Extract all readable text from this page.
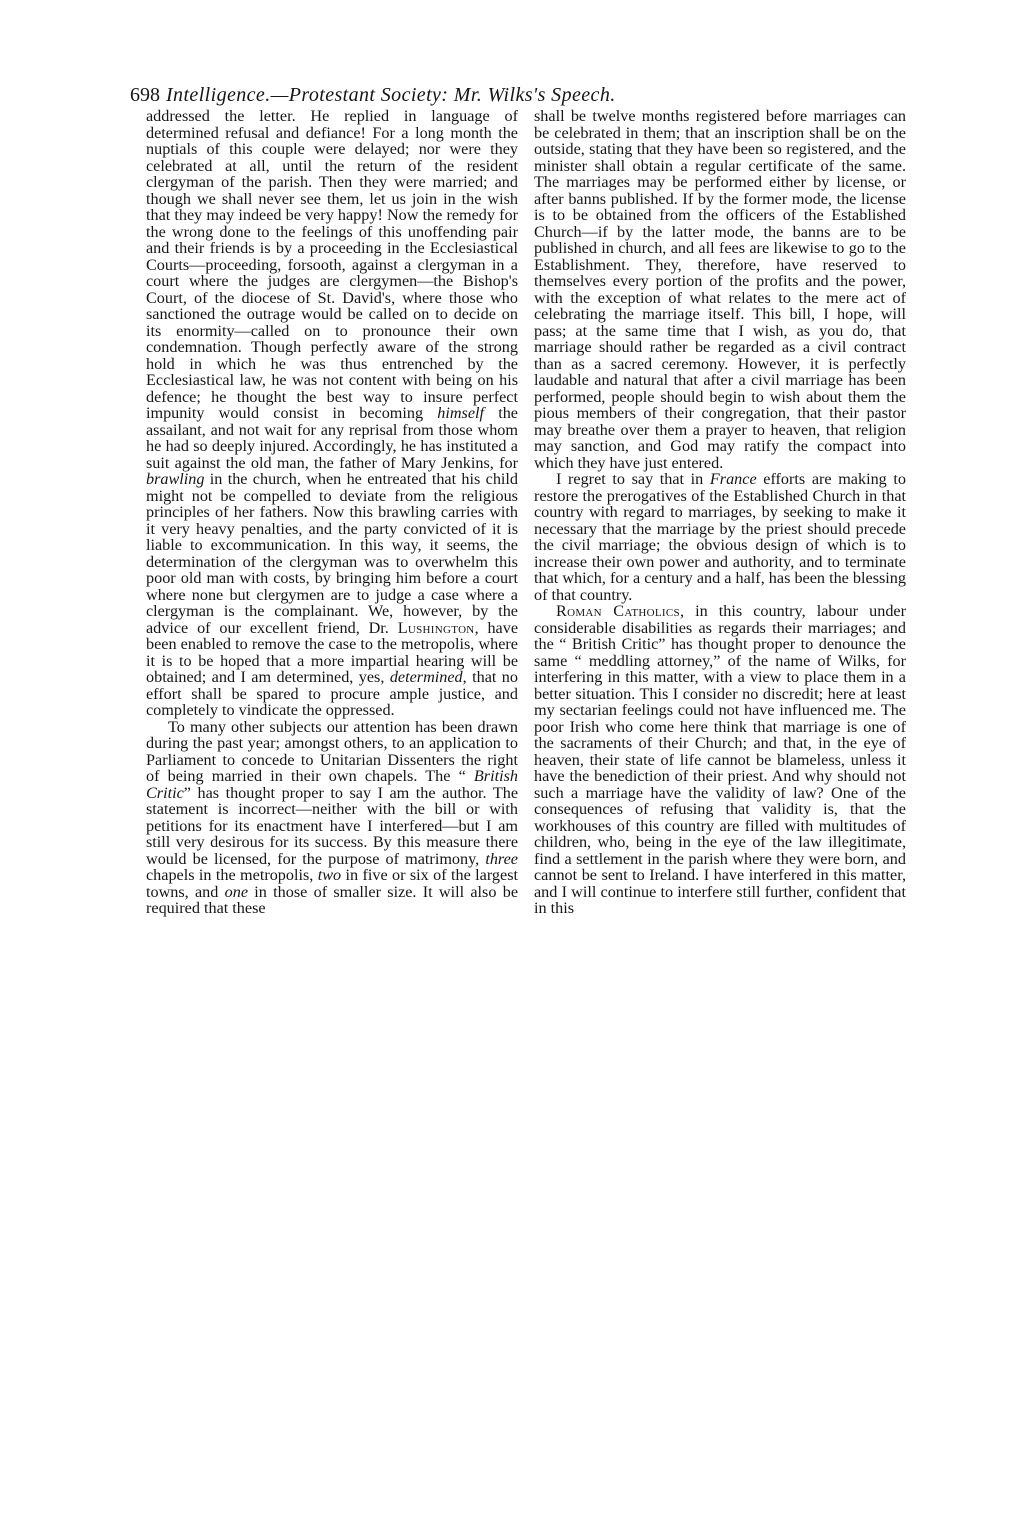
698 Intelligence.—Protestant Society: Mr. Wilks's Speech.

addressed the letter. He replied in language of determined refusal and defiance! For a long month the nuptials of this couple were delayed; nor were they celebrated at all, until the return of the resident clergyman of the parish. Then they were married; and though we shall never see them, let us join in the wish that they may indeed be very happy! Now the remedy for the wrong done to the feelings of this unoffending pair and their friends is by a proceeding in the Ecclesiastical Courts—proceeding, forsooth, against a clergyman in a court where the judges are clergymen—the Bishop's Court, of the diocese of St. David's, where those who sanctioned the outrage would be called on to decide on its enormity—called on to pronounce their own condemnation. Though perfectly aware of the strong hold in which he was thus entrenched by the Ecclesiastical law, he was not content with being on his defence; he thought the best way to insure perfect impunity would consist in becoming himself the assailant, and not wait for any reprisal from those whom he had so deeply injured. Accordingly, he has instituted a suit against the old man, the father of Mary Jenkins, for brawling in the church, when he entreated that his child might not be compelled to deviate from the religious principles of her fathers. Now this brawling carries with it very heavy penalties, and the party convicted of it is liable to excommunication. In this way, it seems, the determination of the clergyman was to overwhelm this poor old man with costs, by bringing him before a court where none but clergymen are to judge a case where a clergyman is the complainant. We, however, by the advice of our excellent friend, Dr. Lushington, have been enabled to remove the case to the metropolis, where it is to be hoped that a more impartial hearing will be obtained; and I am determined, yes, determined, that no effort shall be spared to procure ample justice, and completely to vindicate the oppressed.

To many other subjects our attention has been drawn during the past year; amongst others, to an application to Parliament to concede to Unitarian Dissenters the right of being married in their own chapels. The “ British Critic” has thought proper to say I am the author. The statement is incorrect—neither with the bill or with petitions for its enactment have I interfered—but I am still very desirous for its success. By this measure there would be licensed, for the purpose of matrimony, three chapels in the metropolis, two in five or six of the largest towns, and one in those of smaller size. It will also be required that these

shall be twelve months registered before marriages can be celebrated in them; that an inscription shall be on the outside, stating that they have been so registered, and the minister shall obtain a regular certificate of the same. The marriages may be performed either by license, or after banns published. If by the former mode, the license is to be obtained from the officers of the Established Church—if by the latter mode, the banns are to be published in church, and all fees are likewise to go to the Establishment. They, therefore, have reserved to themselves every portion of the profits and the power, with the exception of what relates to the mere act of celebrating the marriage itself. This bill, I hope, will pass; at the same time that I wish, as you do, that marriage should rather be regarded as a civil contract than as a sacred ceremony. However, it is perfectly laudable and natural that after a civil marriage has been performed, people should begin to wish about them the pious members of their congregation, that their pastor may breathe over them a prayer to heaven, that religion may sanction, and God may ratify the compact into which they have just entered.

I regret to say that in France efforts are making to restore the prerogatives of the Established Church in that country with regard to marriages, by seeking to make it necessary that the marriage by the priest should precede the civil marriage; the obvious design of which is to increase their own power and authority, and to terminate that which, for a century and a half, has been the blessing of that country.

Roman Catholics, in this country, labour under considerable disabilities as regards their marriages; and the “ British Critic” has thought proper to denounce the same “ meddling attorney,” of the name of Wilks, for interfering in this matter, with a view to place them in a better situation. This I consider no discredit; here at least my sectarian feelings could not have influenced me. The poor Irish who come here think that marriage is one of the sacraments of their Church; and that, in the eye of heaven, their state of life cannot be blameless, unless it have the benediction of their priest. And why should not such a marriage have the validity of law? One of the consequences of refusing that validity is, that the workhouses of this country are filled with multitudes of children, who, being in the eye of the law illegitimate, find a settlement in the parish where they were born, and cannot be sent to Ireland. I have interfered in this matter, and I will continue to interfere still further, confident that in this
